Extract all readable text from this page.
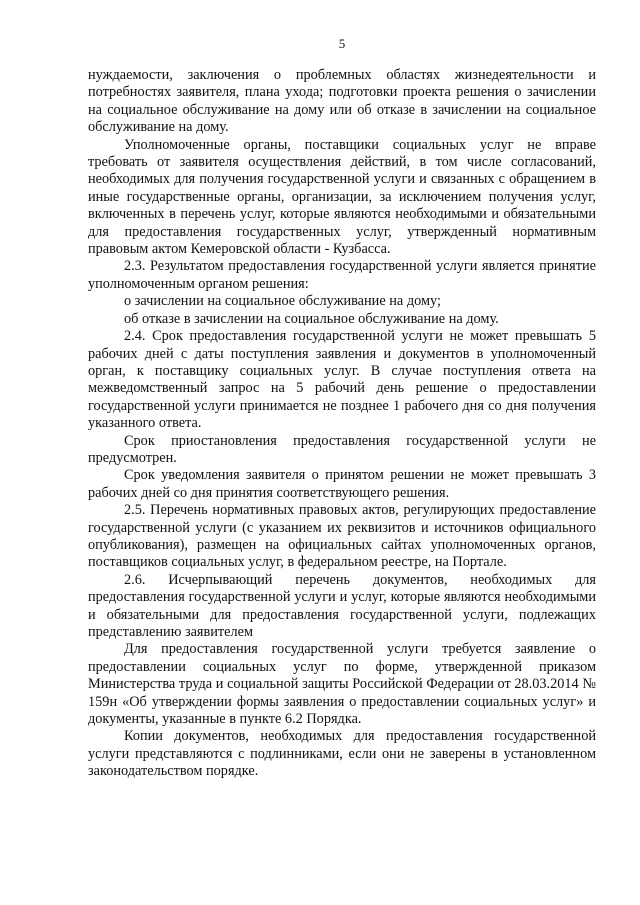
5

нуждаемости, заключения о проблемных областях жизнедеятельности и потребностях заявителя, плана ухода; подготовки проекта решения о зачислении на социальное обслуживание на дому или об отказе в зачислении на социальное обслуживание на дому.

Уполномоченные органы, поставщики социальных услуг не вправе требовать от заявителя осуществления действий, в том числе согласований, необходимых для получения государственной услуги и связанных с обращением в иные государственные органы, организации, за исключением получения услуг, включенных в перечень услуг, которые являются необходимыми и обязательными для предоставления государственных услуг, утвержденный нормативным правовым актом Кемеровской области - Кузбасса.

2.3. Результатом предоставления государственной услуги является принятие уполномоченным органом решения:

о зачислении на социальное обслуживание на дому;

об отказе в зачислении на социальное обслуживание на дому.

2.4. Срок предоставления государственной услуги не может превышать 5 рабочих дней с даты поступления заявления и документов в уполномоченный орган, к поставщику социальных услуг. В случае поступления ответа на межведомственный запрос на 5 рабочий день решение о предоставлении государственной услуги принимается не позднее 1 рабочего дня со дня получения указанного ответа.

Срок приостановления предоставления государственной услуги не предусмотрен.

Срок уведомления заявителя о принятом решении не может превышать 3 рабочих дней со дня принятия соответствующего решения.

2.5. Перечень нормативных правовых актов, регулирующих предоставление государственной услуги (с указанием их реквизитов и источников официального опубликования), размещен на официальных сайтах уполномоченных органов, поставщиков социальных услуг, в федеральном реестре, на Портале.

2.6. Исчерпывающий перечень документов, необходимых для предоставления государственной услуги и услуг, которые являются необходимыми и обязательными для предоставления государственной услуги, подлежащих представлению заявителем

Для предоставления государственной услуги требуется заявление о предоставлении социальных услуг по форме, утвержденной приказом Министерства труда и социальной защиты Российской Федерации от 28.03.2014 № 159н «Об утверждении формы заявления о предоставлении социальных услуг» и документы, указанные в пункте 6.2 Порядка.

Копии документов, необходимых для предоставления государственной услуги представляются с подлинниками, если они не заверены в установленном законодательством порядке.
